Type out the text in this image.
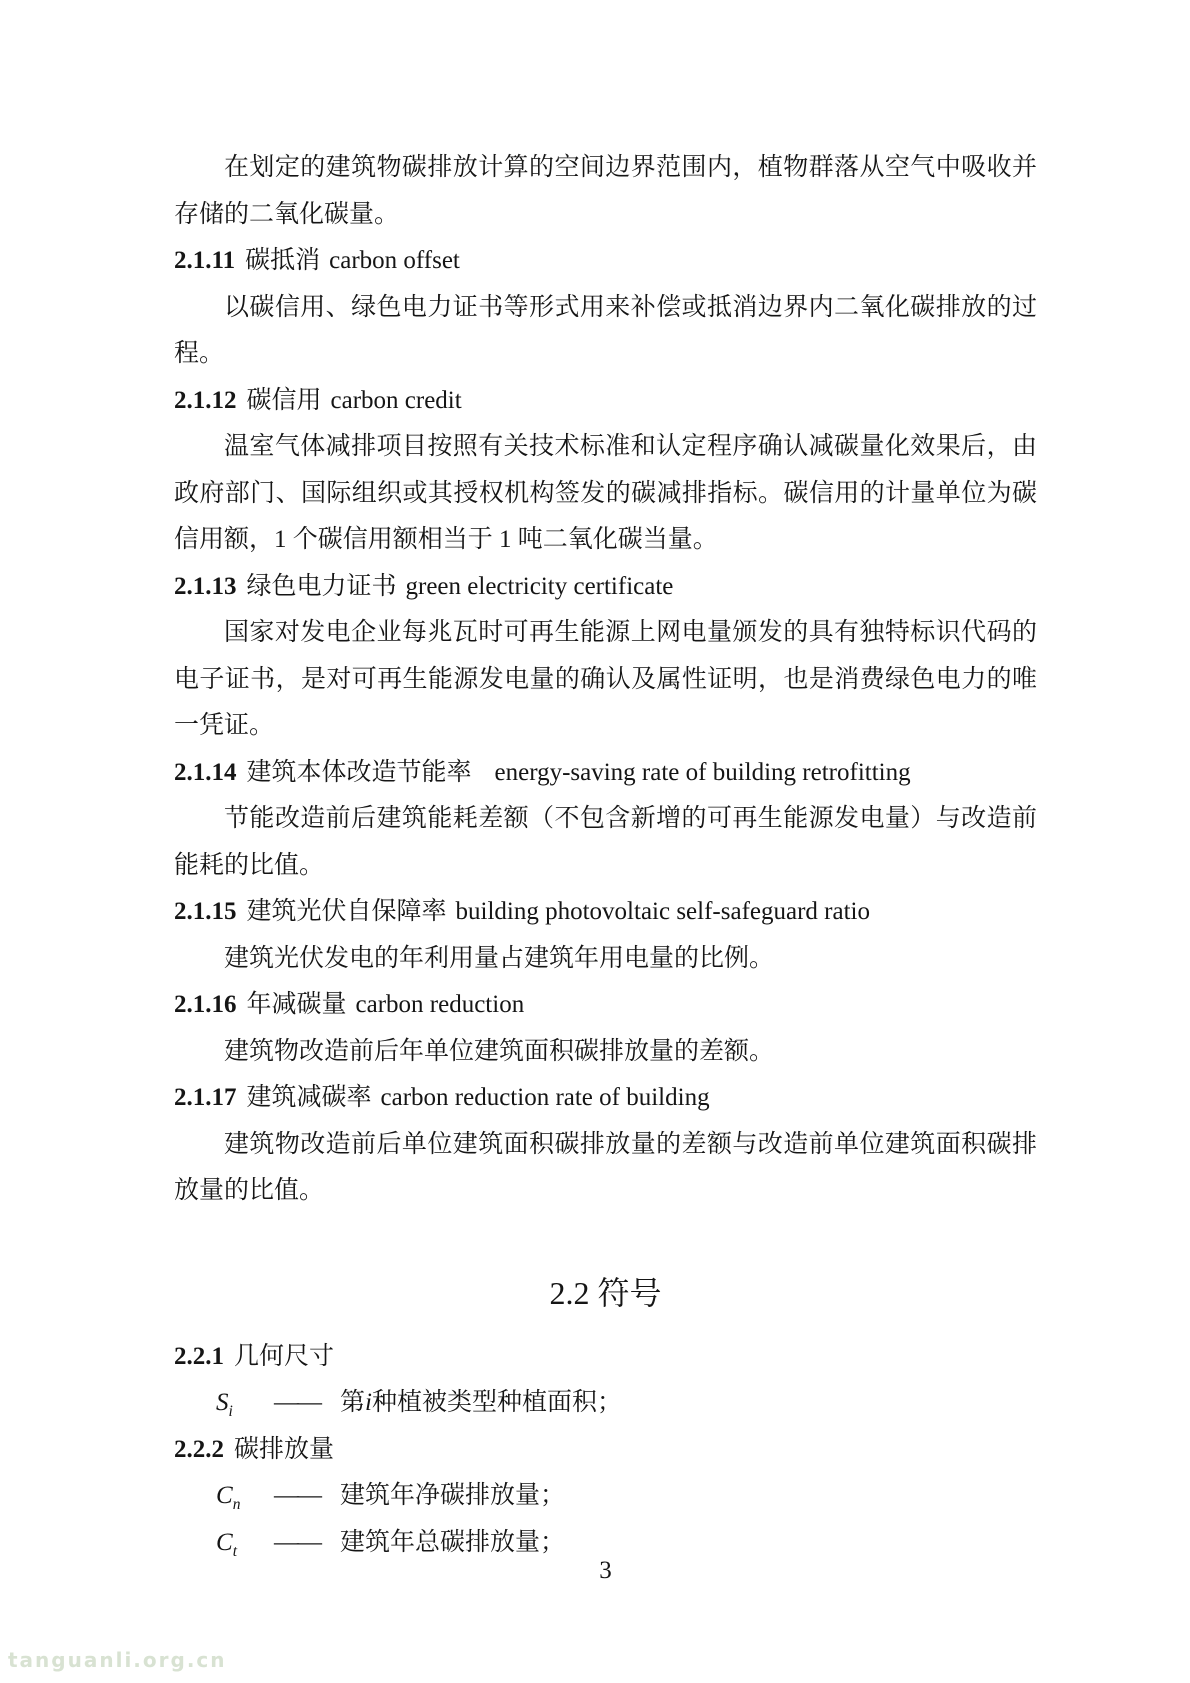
在划定的建筑物碳排放计算的空间边界范围内，植物群落从空气中吸收并存储的二氧化碳量。

2.1.11 碳抵消 carbon offset

以碳信用、绿色电力证书等形式用来补偿或抵消边界内二氧化碳排放的过程。

2.1.12 碳信用 carbon credit

温室气体减排项目按照有关技术标准和认定程序确认减碳量化效果后，由政府部门、国际组织或其授权机构签发的碳减排指标。碳信用的计量单位为碳信用额，1 个碳信用额相当于 1 吨二氧化碳当量。

2.1.13 绿色电力证书 green electricity certificate

国家对发电企业每兆瓦时可再生能源上网电量颁发的具有独特标识代码的电子证书，是对可再生能源发电量的确认及属性证明，也是消费绿色电力的唯一凭证。

2.1.14 建筑本体改造节能率 energy-saving rate of building retrofitting

节能改造前后建筑能耗差额（不包含新增的可再生能源发电量）与改造前能耗的比值。

2.1.15 建筑光伏自保障率 building photovoltaic self-safeguard ratio

建筑光伏发电的年利用量占建筑年用电量的比例。

2.1.16 年减碳量 carbon reduction

建筑物改造前后年单位建筑面积碳排放量的差额。

2.1.17 建筑减碳率 carbon reduction rate of building

建筑物改造前后单位建筑面积碳排放量的差额与改造前单位建筑面积碳排放量的比值。

2.2 符号
2.2.1 几何尺寸
$S_i$	—— 第i种植被类型种植面积；
2.2.2 碳排放量
$C_n$	—— 建筑年净碳排放量；
$C_t$	—— 建筑年总碳排放量；
3
tanguanli.org.cn
